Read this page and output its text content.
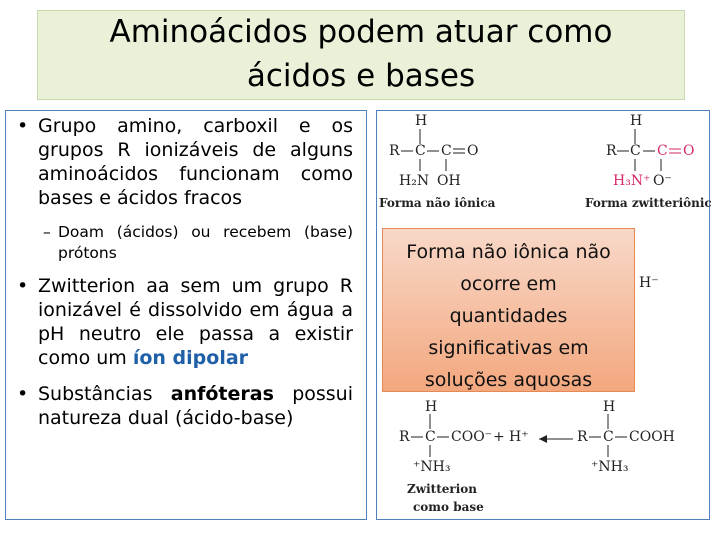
Aminoácidos podem atuar como
ácidos e bases
• Grupo amino, carboxil e os grupos R ionizáveis de alguns aminoácidos funcionam como bases e ácidos fracos
– Doam (ácidos) ou recebem (base) prótons
• Zwitterion aa sem um grupo R ionizável é dissolvido em água a pH neutro ele passa a existir como um íon dipolar
• Substâncias anfóteras possui natureza dual (ácido-base)
H
R C C O
H₂N OH
Forma não iônica
H
R C C O
H₃N⁺ O⁻
Forma zwitteriônica
H⁻
H
R C COO⁻ + H⁺
H
R C COOH
⁺NH₃	⁺NH₃
Zwitterion
como base
Forma não iônica não
ocorre em
quantidades
significativas em
soluções aquosas
